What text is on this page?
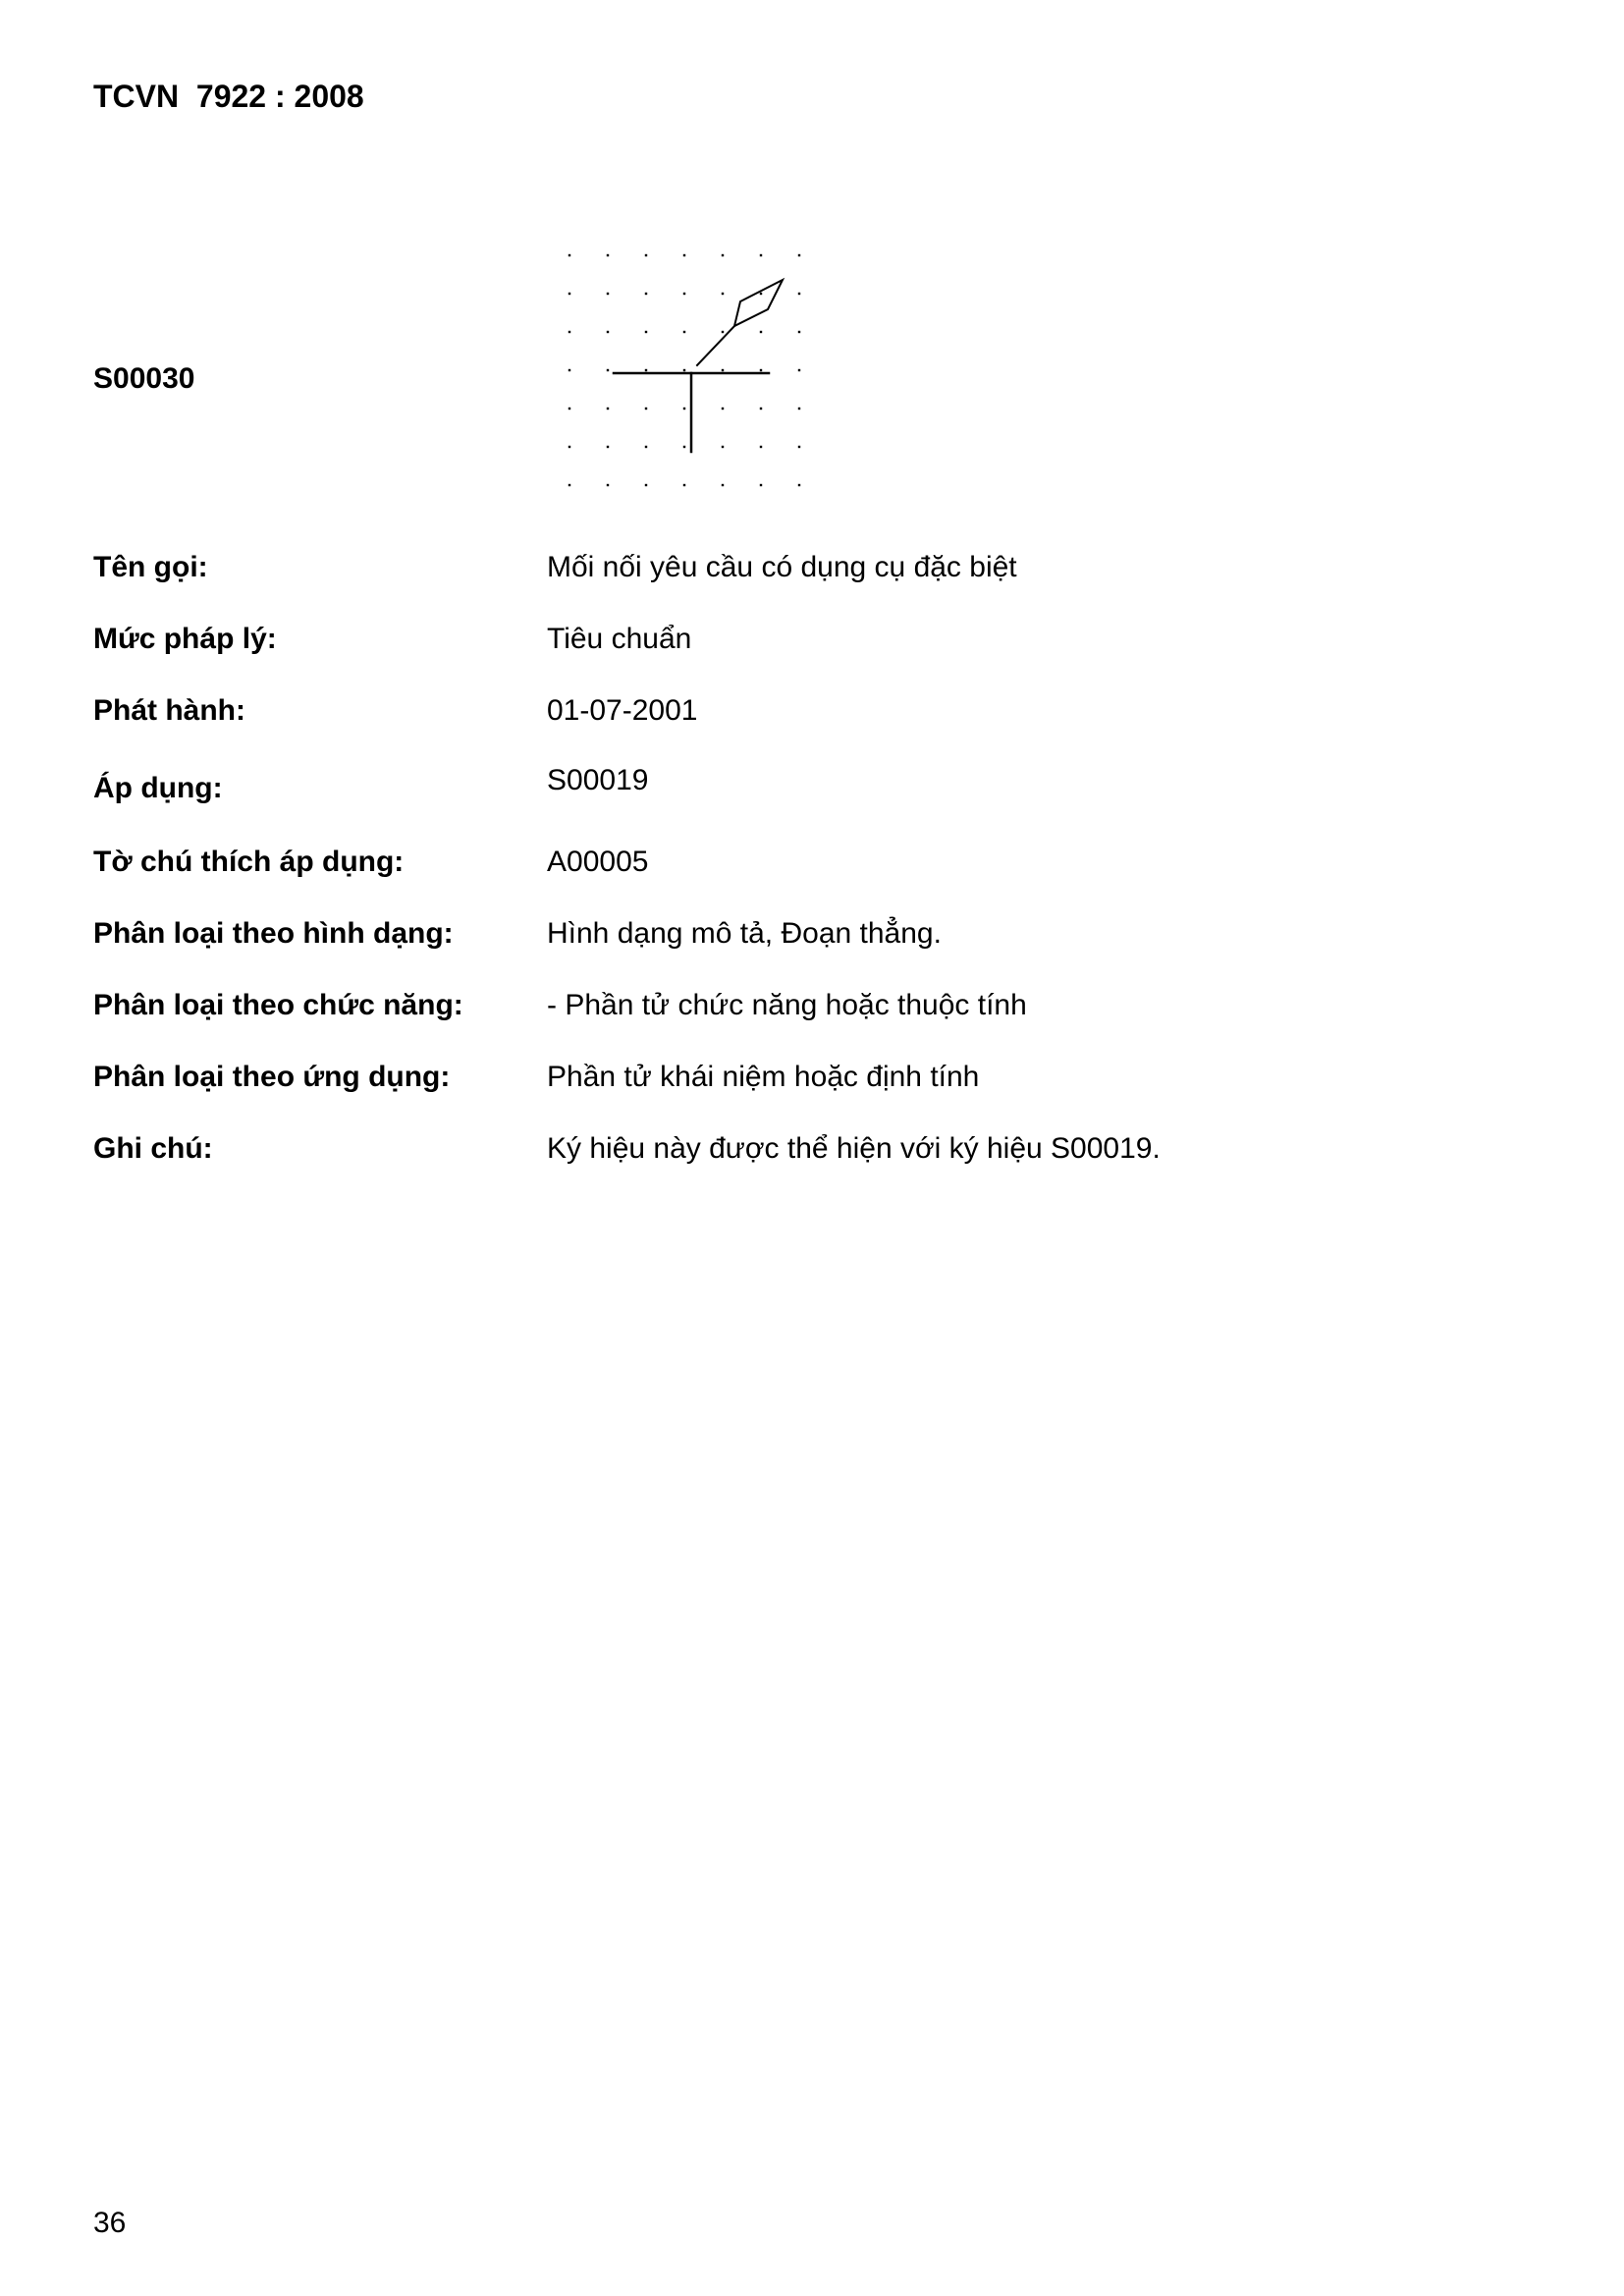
TCVN  7922 : 2008
S00030
Tên gọi:	Mối nối yêu cầu có dụng cụ đặc biệt
Mức pháp lý:	Tiêu chuẩn
Phát hành:	01-07-2001
Áp dụng:	S00019
Tờ chú thích áp dụng:	A00005
Phân loại theo hình dạng:	Hình dạng mô tả, Đoạn thẳng.
Phân loại theo chức năng:	- Phần tử chức năng hoặc thuộc tính
Phân loại theo ứng dụng:	Phần tử khái niệm hoặc định tính
Ghi chú:	Ký hiệu này được thể hiện với ký hiệu S00019.
36
